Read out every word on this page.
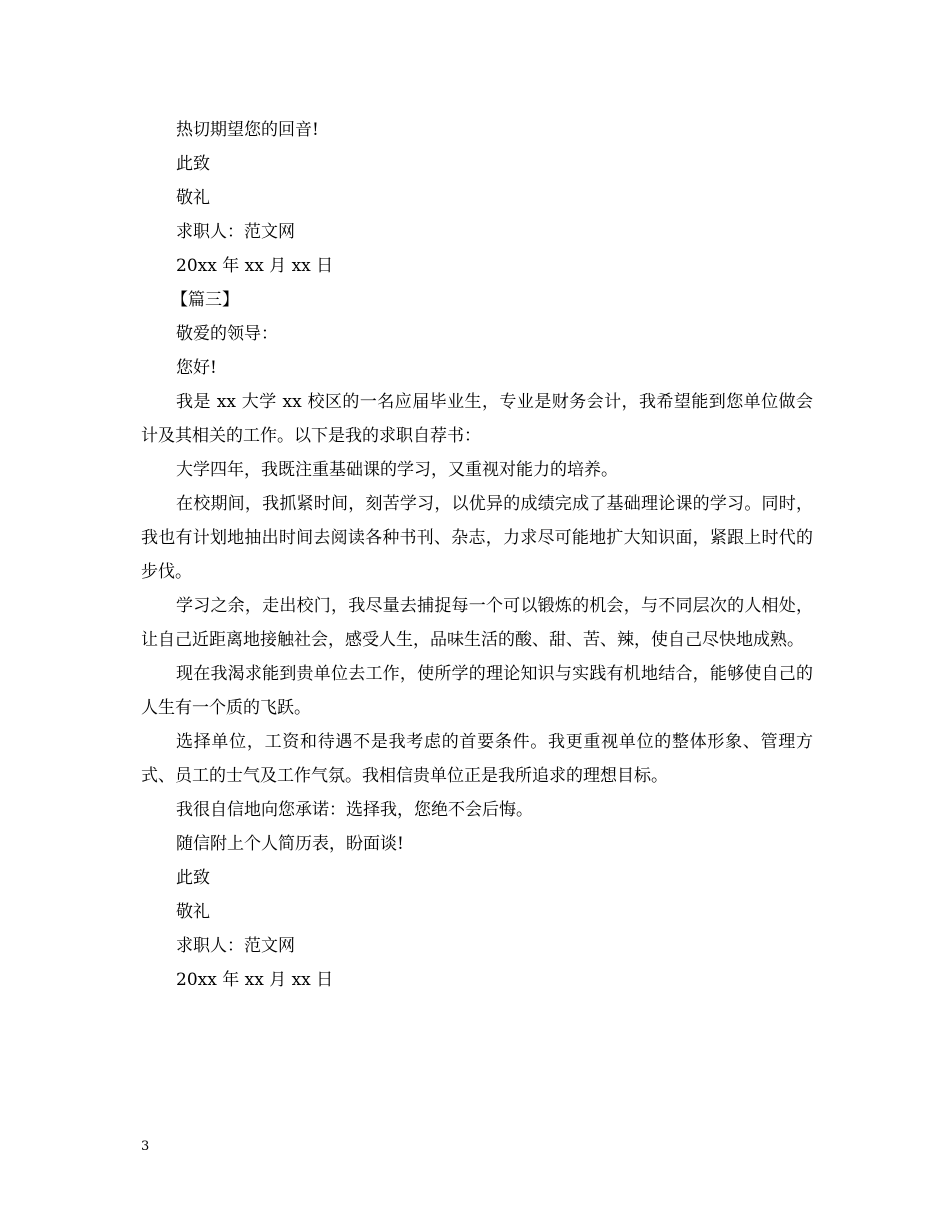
热切期望您的回音!

此致

敬礼

求职人：范文网

20xx 年 xx 月 xx 日

【篇三】

敬爱的领导：

您好!

我是 xx 大学 xx 校区的一名应届毕业生，专业是财务会计，我希望能到您单位做会计及其相关的工作。以下是我的求职自荐书：

大学四年，我既注重基础课的学习，又重视对能力的培养。

在校期间，我抓紧时间，刻苦学习，以优异的成绩完成了基础理论课的学习。同时，我也有计划地抽出时间去阅读各种书刊、杂志，力求尽可能地扩大知识面，紧跟上时代的步伐。

学习之余，走出校门，我尽量去捕捉每一个可以锻炼的机会，与不同层次的人相处，让自己近距离地接触社会，感受人生，品味生活的酸、甜、苦、辣，使自己尽快地成熟。

现在我渴求能到贵单位去工作，使所学的理论知识与实践有机地结合，能够使自己的人生有一个质的飞跃。

选择单位，工资和待遇不是我考虑的首要条件。我更重视单位的整体形象、管理方式、员工的士气及工作气氛。我相信贵单位正是我所追求的理想目标。

我很自信地向您承诺：选择我，您绝不会后悔。

随信附上个人简历表，盼面谈!

此致

敬礼

求职人：范文网

20xx 年 xx 月 xx 日

3
